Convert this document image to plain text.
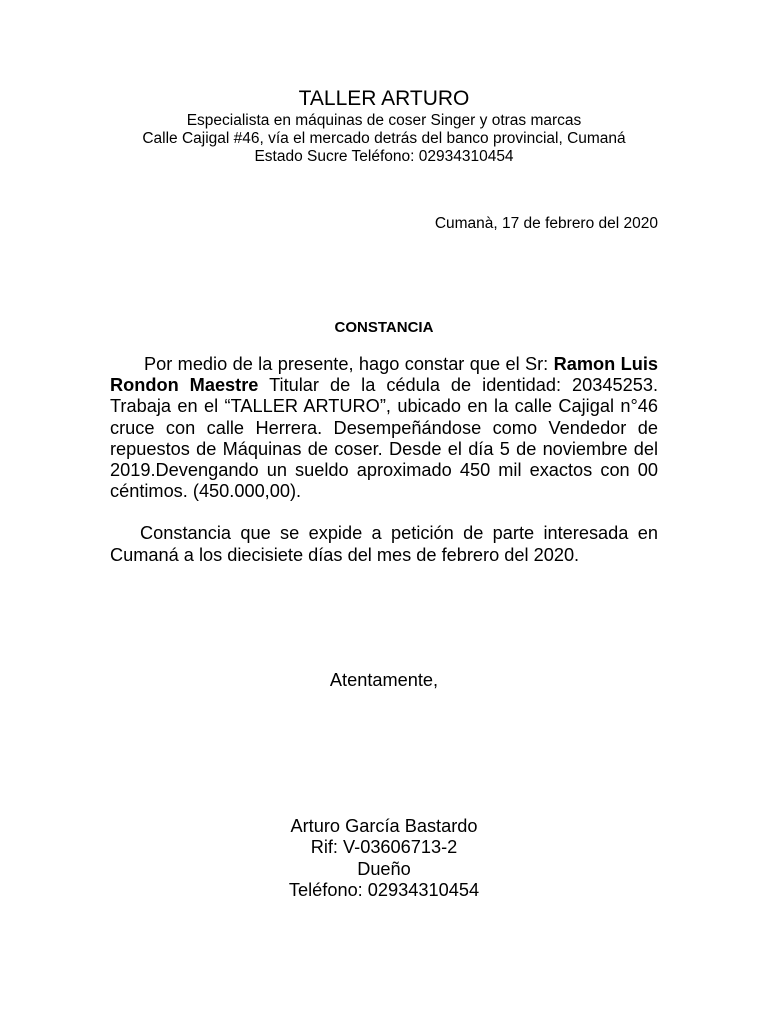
TALLER ARTURO
Especialista en máquinas de coser Singer y otras marcas
Calle Cajigal #46, vía el mercado detrás del banco provincial, Cumaná
Estado Sucre Teléfono: 02934310454
Cumanà, 17 de febrero del 2020
CONSTANCIA

Por medio de la presente, hago constar que el Sr: Ramon Luis Rondon Maestre Titular de la cédula de identidad: 20345253. Trabaja en el “TALLER ARTURO”, ubicado en la calle Cajigal n°46 cruce con calle Herrera. Desempeñándose como Vendedor de repuestos de Máquinas de coser. Desde el día 5 de noviembre del 2019.Devengando un sueldo aproximado 450 mil exactos con 00 céntimos. (450.000,00).

Constancia que se expide a petición de parte interesada en Cumaná a los diecisiete días del mes de febrero del 2020.

Atentamente,
Arturo García Bastardo
Rif: V-03606713-2
Dueño
Teléfono: 02934310454
